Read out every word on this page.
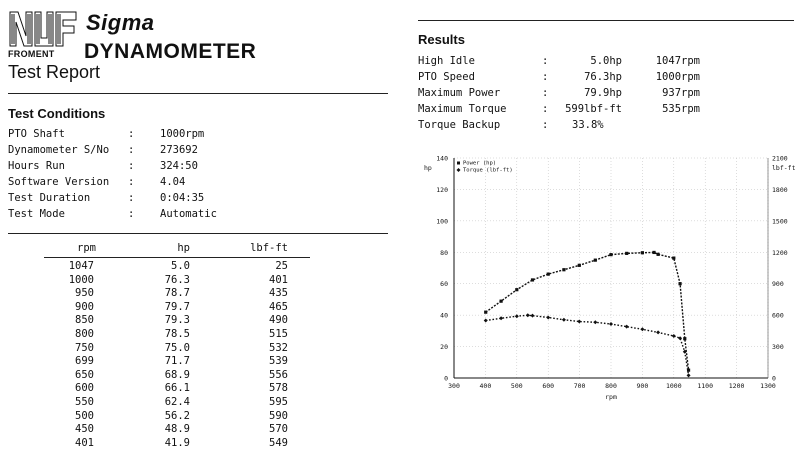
Sigma
FROMENT DYNAMOMETER
Test Report
Test Conditions
PTO Shaft	: 1000rpm
Dynamometer S/No : 273692
Hours Run	: 324:50
Software Version : 4.04
Test Duration	: 0:04:35
Test Mode	: Automatic
rpm	hp	lbf-ft
1047	5.0	25
1000	76.3	401
950	78.7	435
900	79.7	465
850	79.3	490
800	78.5	515
750	75.0	532
699	71.7	539
650	68.9	556
600	66.1	578
550	62.4	595
500	56.2	590
450	48.9	570
401	41.9	549
Results
High Idle	:	5.0hp	1047rpm
PTO Speed	:	76.3hp	1000rpm
Maximum Power	:	79.9hp	937rpm
Maximum Torque	:	599lbf-ft	535rpm
Torque Backup	: 33.8%
300	400	500	600	700	800	900	1000 1100 1200 1300
0
20
40
60
80
100
120
140
0
300
600
900
1200
1500
1800
2100
rpm
hp	lbf-ft
Power (hp)
Torque (lbf-ft)
